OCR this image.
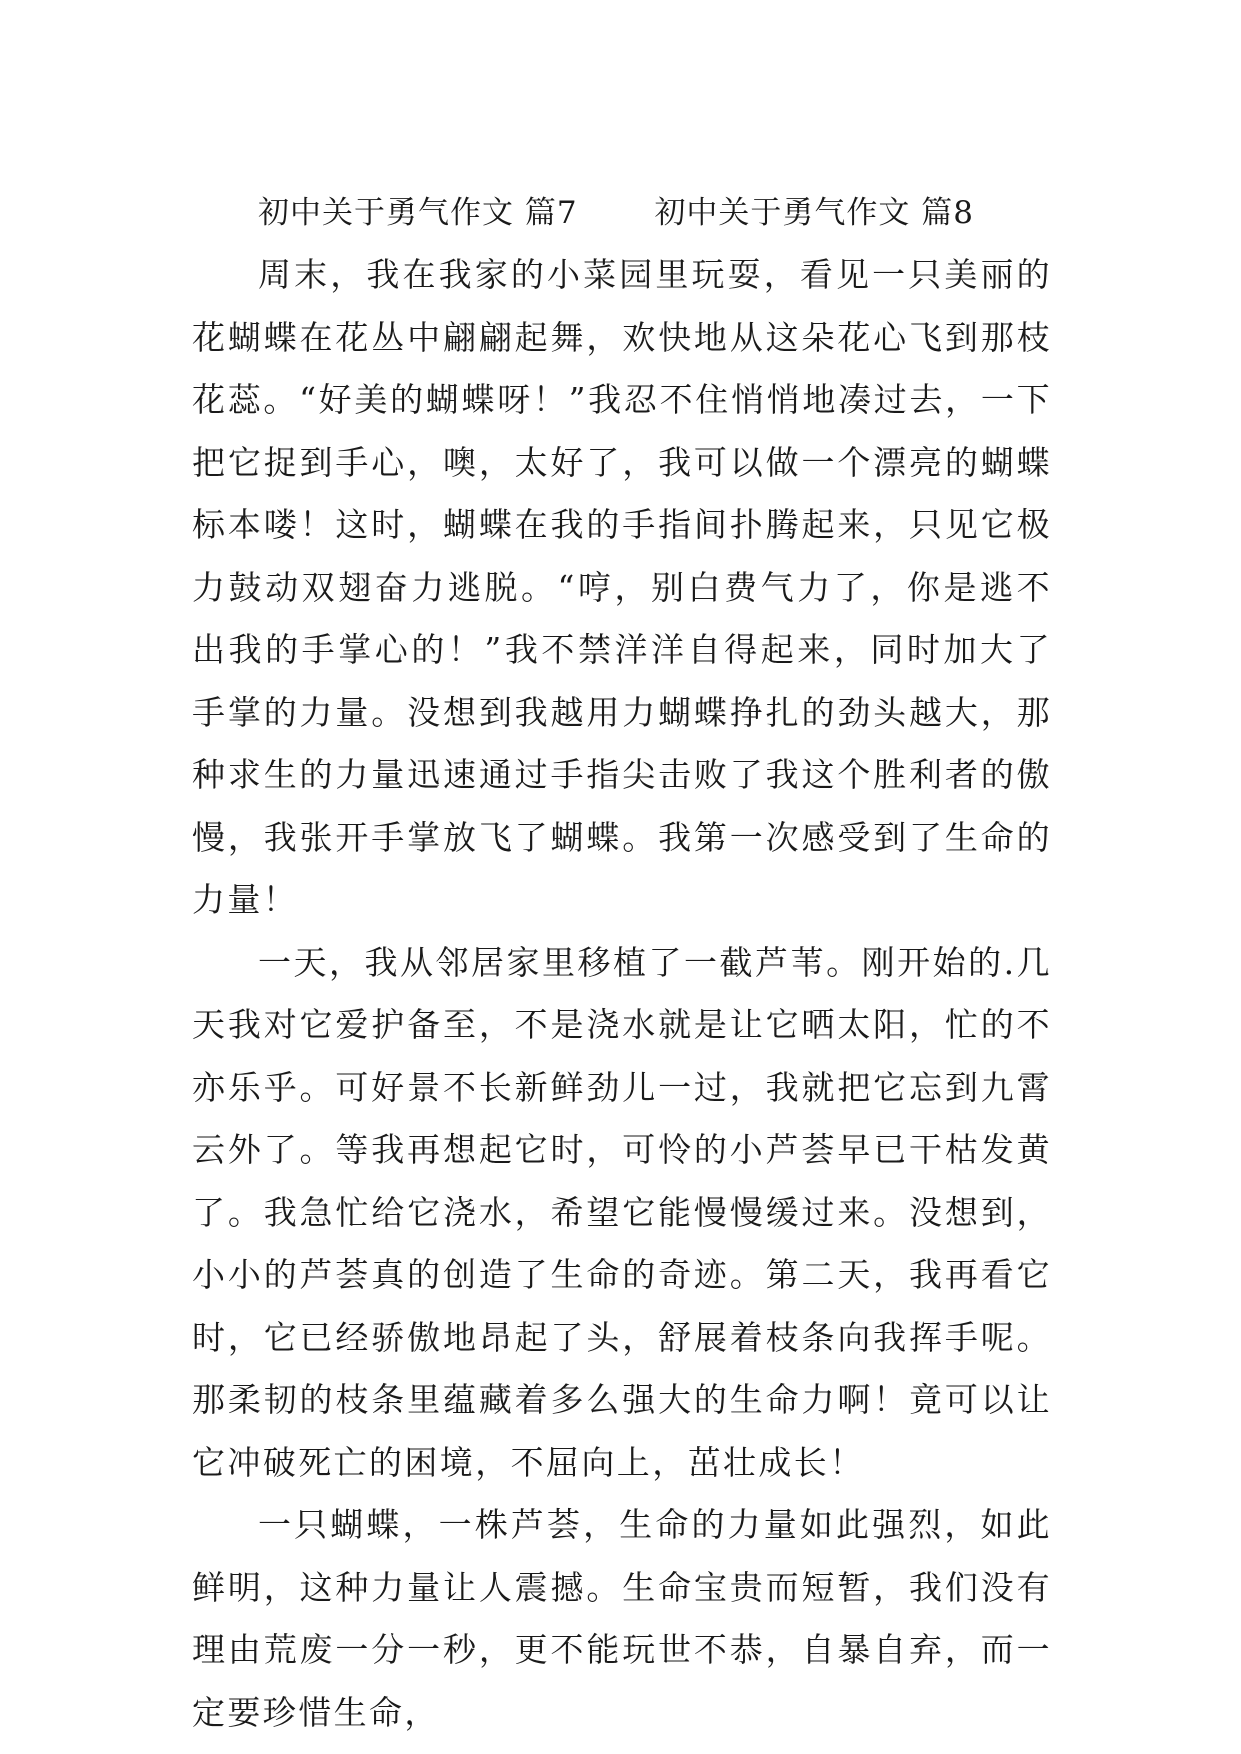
初中关于勇气作文 篇7 初中关于勇气作文 篇8

周末，我在我家的小菜园里玩耍，看见一只美丽的花蝴蝶在花丛中翩翩起舞，欢快地从这朵花心飞到那枝花蕊。“好美的蝴蝶呀！”我忍不住悄悄地凑过去，一下把它捉到手心，噢，太好了，我可以做一个漂亮的蝴蝶标本喽！这时，蝴蝶在我的手指间扑腾起来，只见它极力鼓动双翅奋力逃脱。“哼，别白费气力了，你是逃不出我的手掌心的！”我不禁洋洋自得起来，同时加大了手掌的力量。没想到我越用力蝴蝶挣扎的劲头越大，那种求生的力量迅速通过手指尖击败了我这个胜利者的傲慢，我张开手掌放飞了蝴蝶。我第一次感受到了生命的力量！

一天，我从邻居家里移植了一截芦苇。刚开始的.几天我对它爱护备至，不是浇水就是让它晒太阳，忙的不亦乐乎。可好景不长新鲜劲儿一过，我就把它忘到九霄云外了。等我再想起它时，可怜的小芦荟早已干枯发黄了。我急忙给它浇水，希望它能慢慢缓过来。没想到，小小的芦荟真的创造了生命的奇迹。第二天，我再看它时，它已经骄傲地昂起了头，舒展着枝条向我挥手呢。那柔韧的枝条里蕴藏着多么强大的生命力啊！竟可以让它冲破死亡的困境，不屈向上，茁壮成长！

一只蝴蝶，一株芦荟，生命的力量如此强烈，如此鲜明，这种力量让人震撼。生命宝贵而短暂，我们没有理由荒废一分一秒，更不能玩世不恭，自暴自弃，而一定要珍惜生命，
